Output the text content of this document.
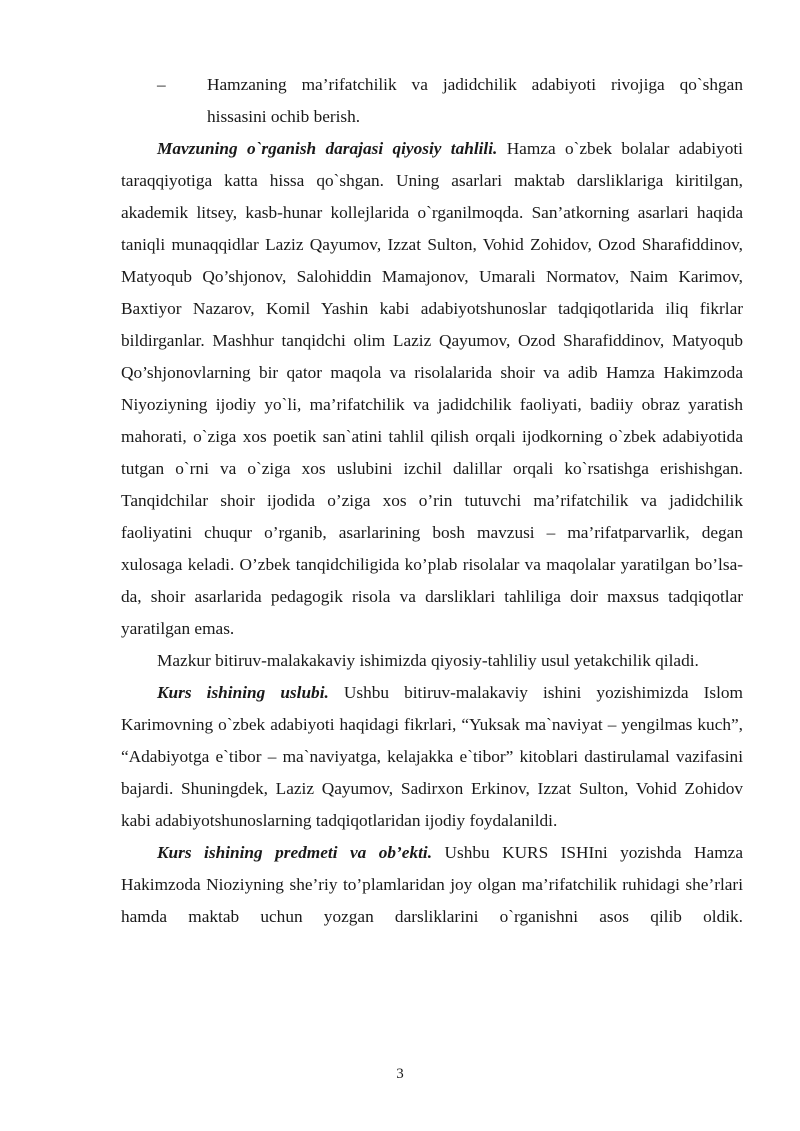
– Hamzaning ma’rifatchilik va jadidchilik adabiyoti rivojiga qo`shgan hissasini ochib berish.

Mavzuning o`rganish darajasi qiyosiy tahlili. Hamza o`zbek bolalar adabiyoti taraqqiyotiga katta hissa qo`shgan. Uning asarlari maktab darsliklariga kiritilgan, akademik litsey, kasb-hunar kollejlarida o`rganilmoqda. San’atkorning asarlari haqida taniqli munaqqidlar Laziz Qayumov, Izzat Sulton, Vohid Zohidov, Ozod Sharafiddinov, Matyoqub Qo’shjonov, Salohiddin Mamajonov, Umarali Normatov, Naim Karimov, Baxtiyor Nazarov, Komil Yashin kabi adabiyotshunoslar tadqiqotlarida iliq fikrlar bildirganlar. Mashhur tanqidchi olim Laziz Qayumov, Ozod Sharafiddinov, Matyoqub Qo’shjonovlarning bir qator maqola va risolalarida shoir va adib Hamza Hakimzoda Niyoziyning ijodiy yo`li, ma’rifatchilik va jadidchilik faoliyati, badiiy obraz yaratish mahorati, o`ziga xos poetik san`atini tahlil qilish orqali ijodkorning o`zbek adabiyotida tutgan o`rni va o`ziga xos uslubini izchil dalillar orqali ko`rsatishga erishishgan. Tanqidchilar shoir ijodida o’ziga xos o’rin tutuvchi ma’rifatchilik va jadidchilik faoliyatini chuqur o’rganib, asarlarining bosh mavzusi – ma’rifatparvarlik, degan xulosaga keladi. O’zbek tanqidchiligida ko’plab risolalar va maqolalar yaratilgan bo’lsa-da, shoir asarlarida pedagogik risola va darsliklari tahliliga doir maxsus tadqiqotlar yaratilgan emas.

Mazkur bitiruv-malakakaviy ishimizda qiyosiy-tahliliy usul yetakchilik qiladi.

Kurs ishining uslubi. Ushbu bitiruv-malakaviy ishini yozishimizda Islom Karimovning o`zbek adabiyoti haqidagi fikrlari, “Yuksak ma`naviyat – yengilmas kuch”, “Adabiyotga e`tibor – ma`naviyatga, kelajakka e`tibor” kitoblari dastirulamal vazifasini bajardi. Shuningdek, Laziz Qayumov, Sadirxon Erkinov, Izzat Sulton, Vohid Zohidov kabi adabiyotshunoslarning tadqiqotlaridan ijodiy foydalanildi.

Kurs ishining predmeti va ob’ekti. Ushbu KURS ISHIni yozishda Hamza Hakimzoda Nioziyning she’riy to’plamlaridan joy olgan ma’rifatchilik ruhidagi she’rlari hamda maktab uchun yozgan darsliklarini o`rganishni asos qilib oldik.

3
